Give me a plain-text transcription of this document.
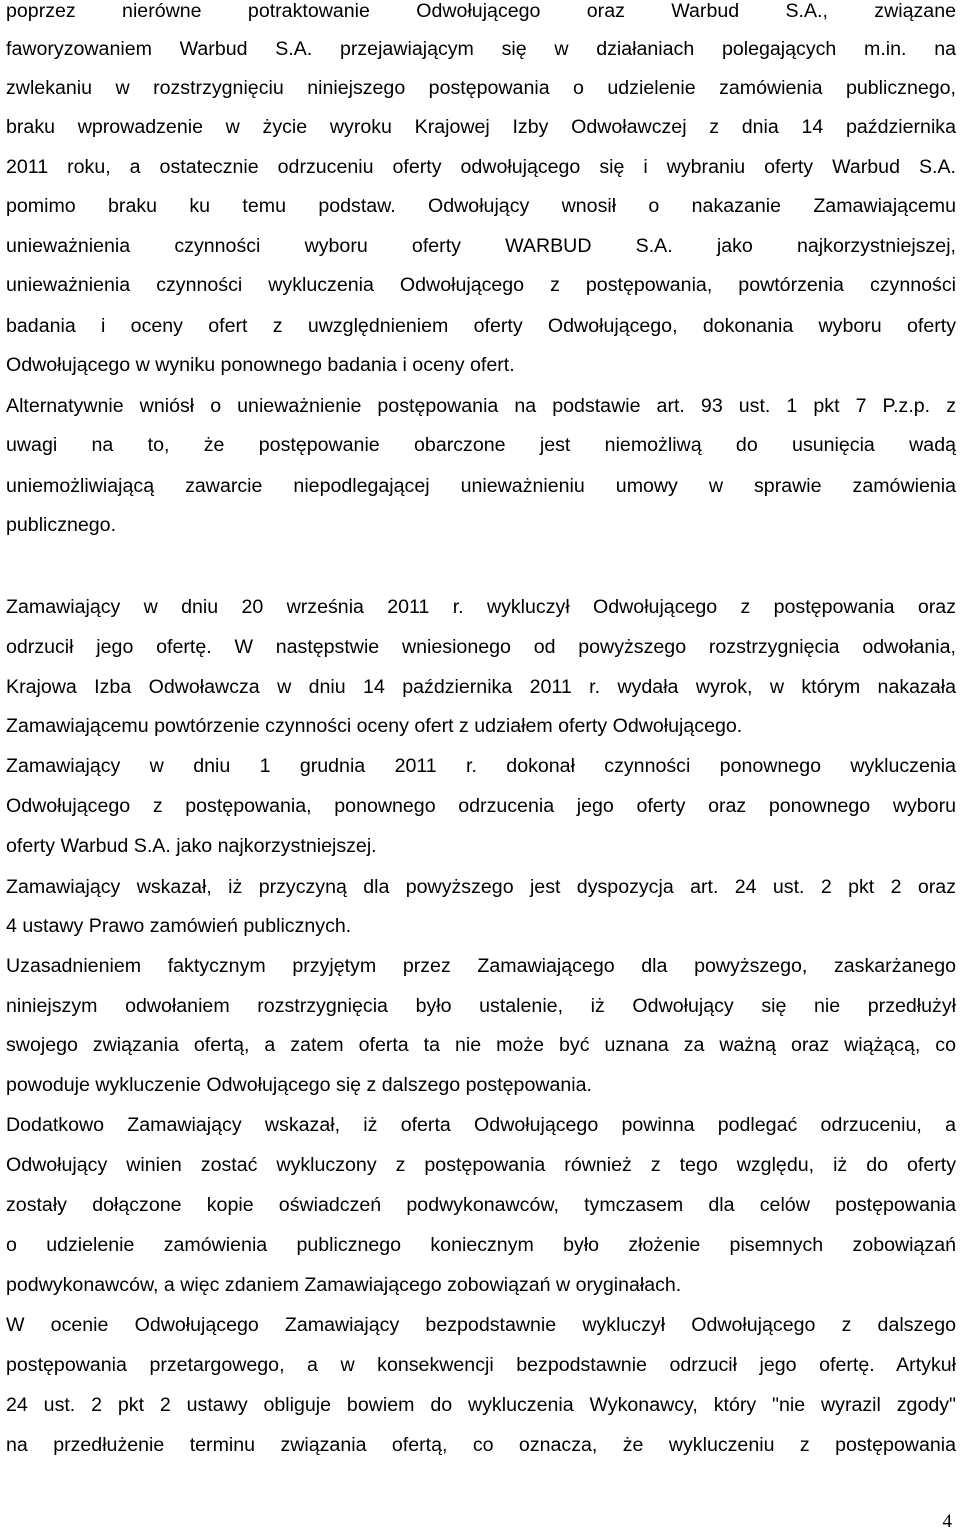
poprzez nierówne potraktowanie Odwołującego oraz Warbud S.A., związane
faworyzowaniem Warbud S.A. przejawiającym się w działaniach polegających m.in. na
zwlekaniu w rozstrzygnięciu niniejszego postępowania o udzielenie zamówienia publicznego,
braku wprowadzenie w życie wyroku Krajowej Izby Odwoławczej z dnia 14 października
2011 roku, a ostatecznie odrzuceniu oferty odwołującego się i wybraniu oferty Warbud S.A.
pomimo braku ku temu podstaw. Odwołujący wnosił o nakazanie Zamawiającemu
unieważnienia czynności wyboru oferty WARBUD S.A. jako najkorzystniejszej,
unieważnienia czynności wykluczenia Odwołującego z postępowania, powtórzenia czynności
badania i oceny ofert z uwzględnieniem oferty Odwołującego, dokonania wyboru oferty
Odwołującego w wyniku ponownego badania i oceny ofert.
Alternatywnie wniósł o unieważnienie postępowania na podstawie art. 93 ust. 1 pkt 7 P.z.p. z
uwagi na to, że postępowanie obarczone jest niemożliwą do usunięcia wadą
uniemożliwiającą zawarcie niepodlegającej unieważnieniu umowy w sprawie zamówienia
publicznego.
Zamawiający w dniu 20 września 2011 r. wykluczył Odwołującego z postępowania oraz
odrzucił jego ofertę. W następstwie wniesionego od powyższego rozstrzygnięcia odwołania,
Krajowa Izba Odwoławcza w dniu 14 października 2011 r. wydała wyrok, w którym nakazała
Zamawiającemu powtórzenie czynności oceny ofert z udziałem oferty Odwołującego.
Zamawiający w dniu 1 grudnia 2011 r. dokonał czynności ponownego wykluczenia
Odwołującego z postępowania, ponownego odrzucenia jego oferty oraz ponownego wyboru
oferty Warbud S.A. jako najkorzystniejszej.
Zamawiający wskazał, iż przyczyną dla powyższego jest dyspozycja art. 24 ust. 2 pkt 2 oraz
4 ustawy Prawo zamówień publicznych.
Uzasadnieniem faktycznym przyjętym przez Zamawiającego dla powyższego, zaskarżanego
niniejszym odwołaniem rozstrzygnięcia było ustalenie, iż Odwołujący się nie przedłużył
swojego związania ofertą, a zatem oferta ta nie może być uznana za ważną oraz wiążącą, co
powoduje wykluczenie Odwołującego się z dalszego postępowania.
Dodatkowo Zamawiający wskazał, iż oferta Odwołującego powinna podlegać odrzuceniu, a
Odwołujący winien zostać wykluczony z postępowania również z tego względu, iż do oferty
zostały dołączone kopie oświadczeń podwykonawców, tymczasem dla celów postępowania
o udzielenie zamówienia publicznego koniecznym było złożenie pisemnych zobowiązań
podwykonawców, a więc zdaniem Zamawiającego zobowiązań w oryginałach.
W ocenie Odwołującego Zamawiający bezpodstawnie wykluczył Odwołującego z dalszego
postępowania przetargowego, a w konsekwencji bezpodstawnie odrzucił jego ofertę. Artykuł
24 ust. 2 pkt 2 ustawy obliguje bowiem do wykluczenia Wykonawcy, który "nie wyrazil zgody"
na przedłużenie terminu związania ofertą, co oznacza, że wykluczeniu z postępowania
4
